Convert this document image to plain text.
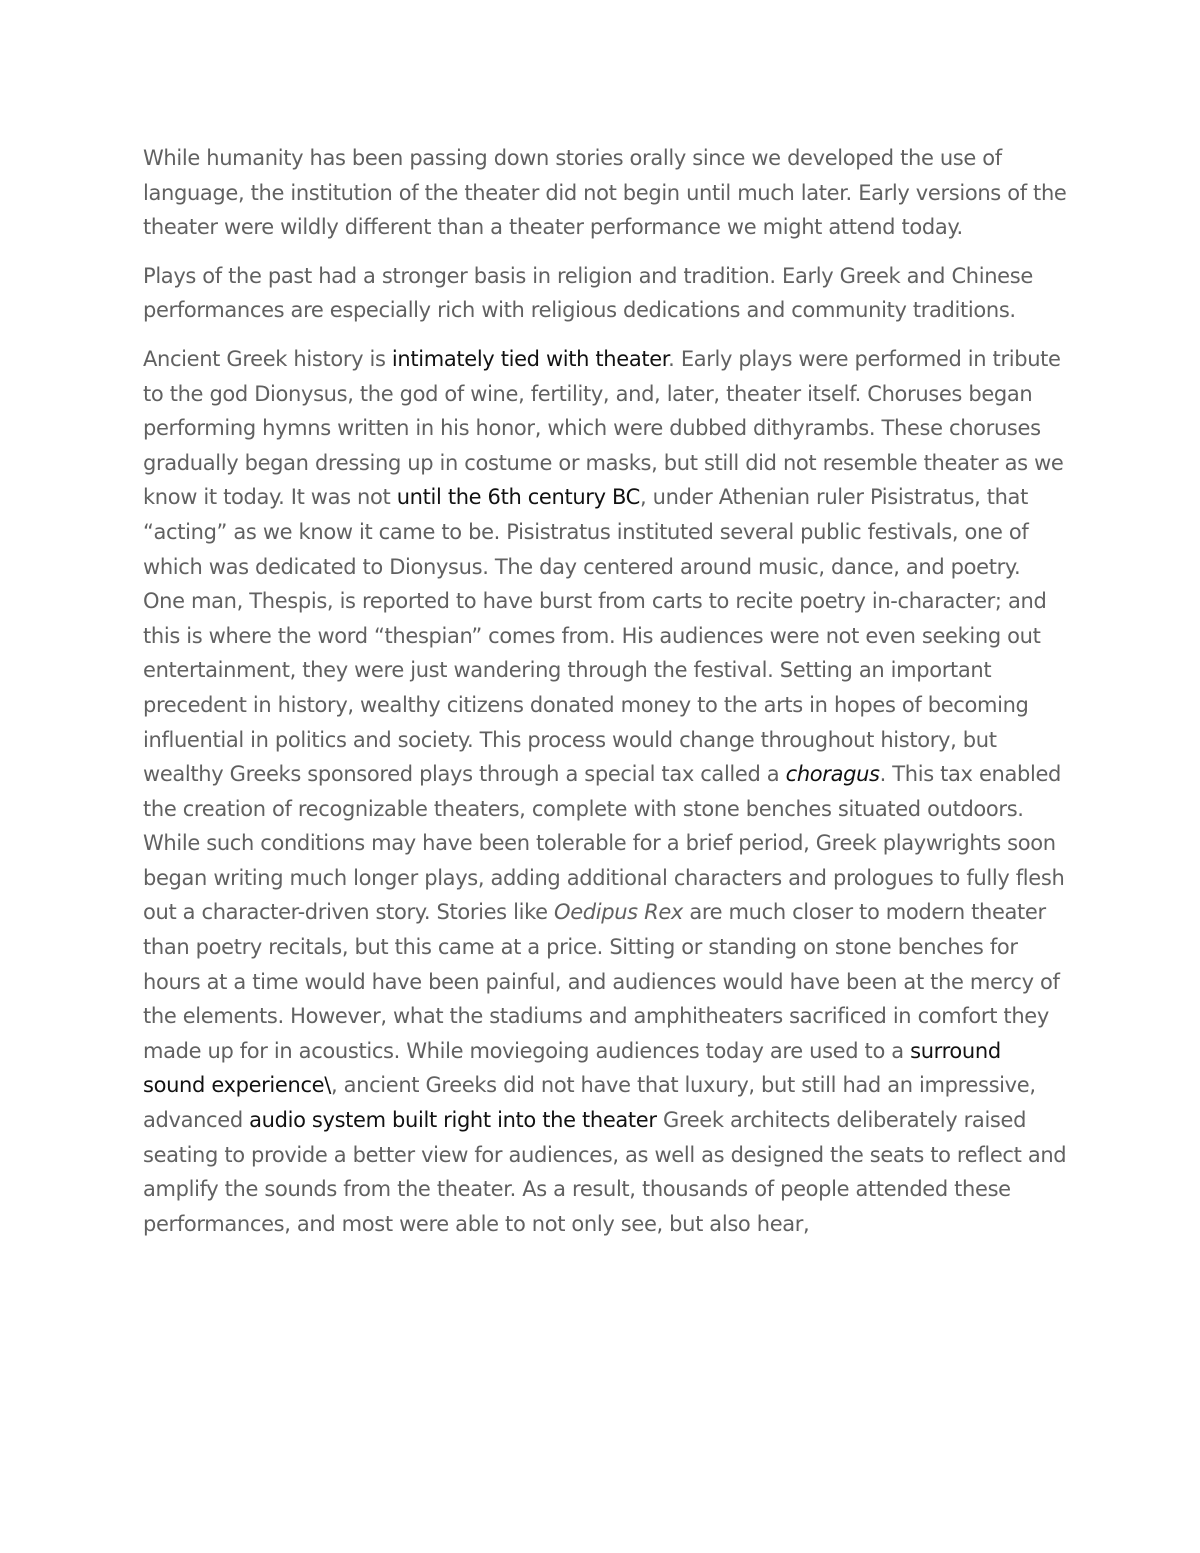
While humanity has been passing down stories orally since we developed the use of language, the institution of the theater did not begin until much later. Early versions of the theater were wildly different than a theater performance we might attend today.

Plays of the past had a stronger basis in religion and tradition. Early Greek and Chinese performances are especially rich with religious dedications and community traditions.

Ancient Greek history is intimately tied with theater. Early plays were performed in tribute to the god Dionysus, the god of wine, fertility, and, later, theater itself. Choruses began performing hymns written in his honor, which were dubbed dithyrambs. These choruses gradually began dressing up in costume or masks, but still did not resemble theater as we know it today. It was not until the 6th century BC, under Athenian ruler Pisistratus, that “acting” as we know it came to be. Pisistratus instituted several public festivals, one of which was dedicated to Dionysus. The day centered around music, dance, and poetry. One man, Thespis, is reported to have burst from carts to recite poetry in-character; and this is where the word “thespian” comes from. His audiences were not even seeking out entertainment, they were just wandering through the festival. Setting an important precedent in history, wealthy citizens donated money to the arts in hopes of becoming influential in politics and society. This process would change throughout history, but wealthy Greeks sponsored plays through a special tax called a choragus. This tax enabled the creation of recognizable theaters, complete with stone benches situated outdoors. While such conditions may have been tolerable for a brief period, Greek playwrights soon began writing much longer plays, adding additional characters and prologues to fully flesh out a character-driven story. Stories like Oedipus Rex are much closer to modern theater than poetry recitals, but this came at a price. Sitting or standing on stone benches for hours at a time would have been painful, and audiences would have been at the mercy of the elements. However, what the stadiums and amphitheaters sacrificed in comfort they made up for in acoustics. While moviegoing audiences today are used to a surround sound experience\, ancient Greeks did not have that luxury, but still had an impressive, advanced audio system built right into the theater Greek architects deliberately raised seating to provide a better view for audiences, as well as designed the seats to reflect and amplify the sounds from the theater. As a result, thousands of people attended these performances, and most were able to not only see, but also hear,
